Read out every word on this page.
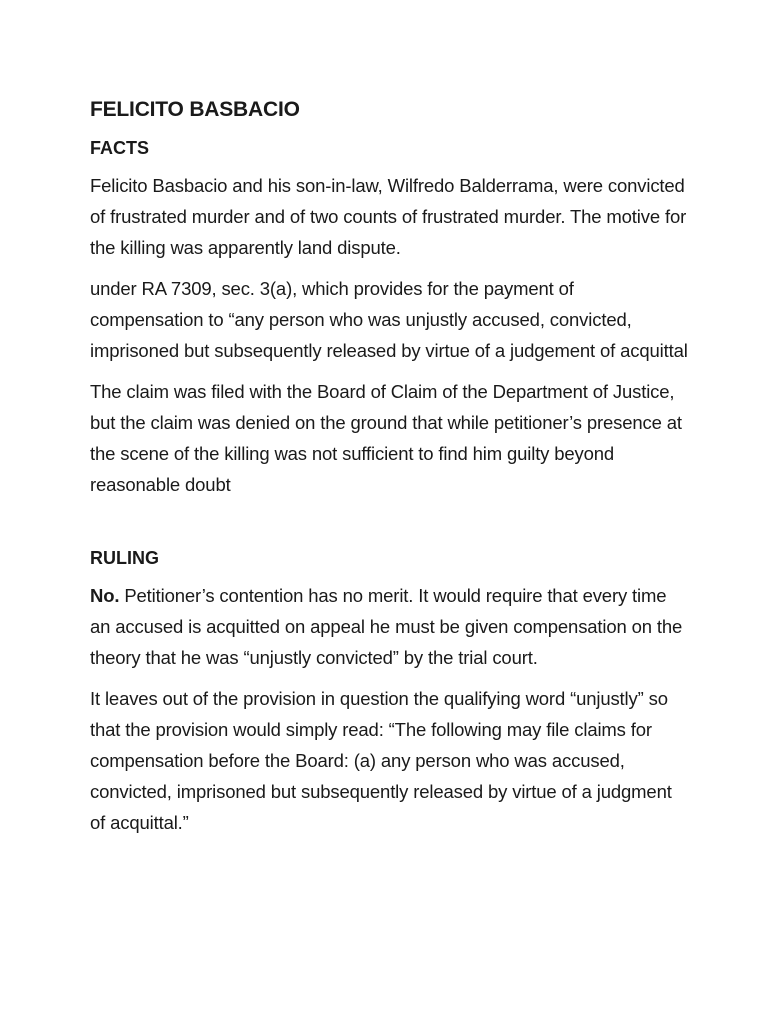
FELICITO BASBACIO
FACTS

Felicito Basbacio and his son-in-law, Wilfredo Balderrama, were convicted of frustrated murder and of two counts of frustrated murder. The motive for the killing was apparently land dispute.

under RA 7309, sec. 3(a), which provides for the payment of compensation to “any person who was unjustly accused, convicted, imprisoned but subsequently released by virtue of a judgement of acquittal

The claim was filed with the Board of Claim of the Department of Justice, but the claim was denied on the ground that while petitioner’s presence at the scene of the killing was not sufficient to find him guilty beyond reasonable doubt

RULING

No. Petitioner’s contention has no merit. It would require that every time an accused is acquitted on appeal he must be given compensation on the theory that he was “unjustly convicted” by the trial court.

It leaves out of the provision in question the qualifying word “unjustly” so that the provision would simply read: “The following may file claims for compensation before the Board: (a) any person who was accused, convicted, imprisoned but subsequently released by virtue of a judgment of acquittal.”
